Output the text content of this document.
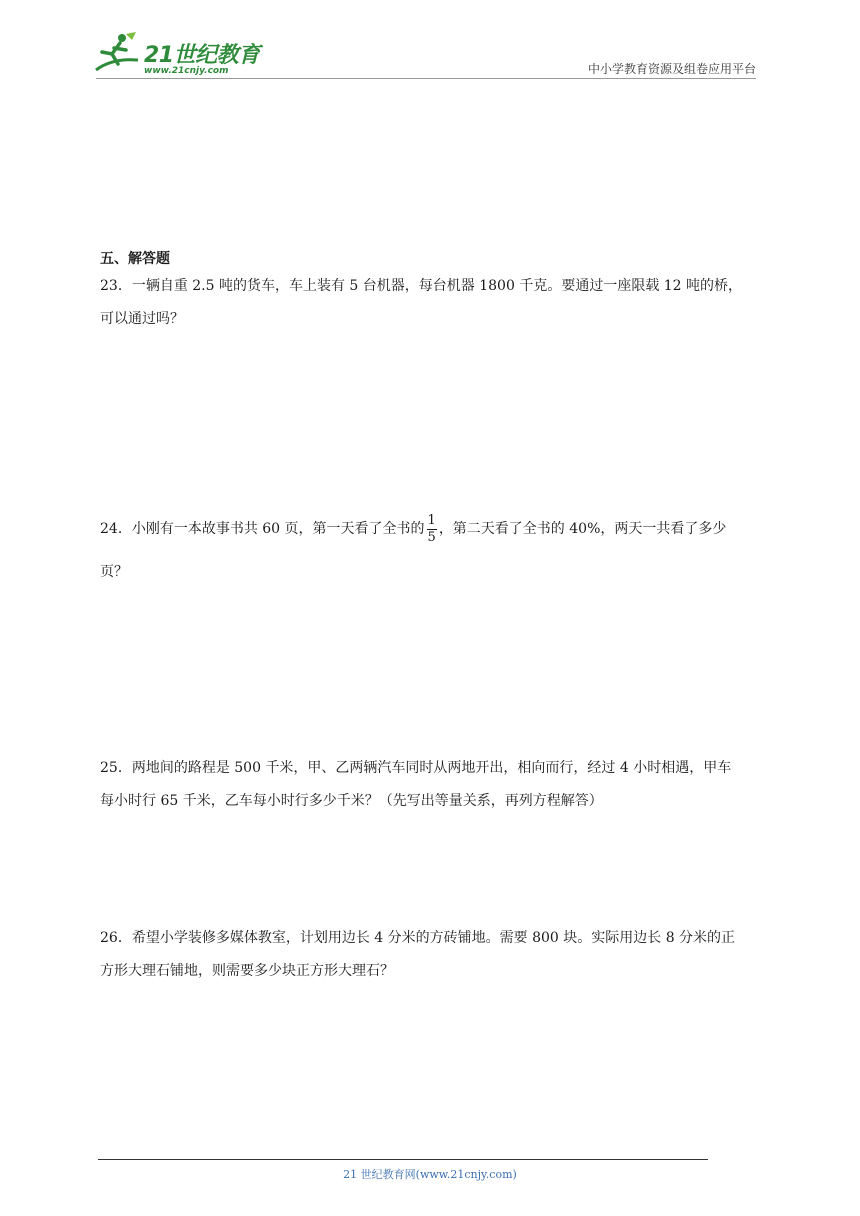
21世纪教育
www.21cnjy.com	中小学教育资源及组卷应用平台
五、解答题
23．一辆自重 2.5 吨的货车，车上装有 5 台机器，每台机器 1800 千克。要通过一座限载 12 吨的桥，
可以通过吗？
24．小刚有一本故事书共 60 页，第一天看了全书的 $\frac{1}{5}$ ，第二天看了全书的 40%，两天一共看了多少
页？
25．两地间的路程是 500 千米，甲、乙两辆汽车同时从两地开出，相向而行，经过 4 小时相遇，甲车
每小时行 65 千米，乙车每小时行多少千米？（先写出等量关系，再列方程解答）
26．希望小学装修多媒体教室，计划用边长 4 分米的方砖铺地。需要 800 块。实际用边长 8 分米的正
方形大理石铺地，则需要多少块正方形大理石？
21 世纪教育网(www.21cnjy.com)
